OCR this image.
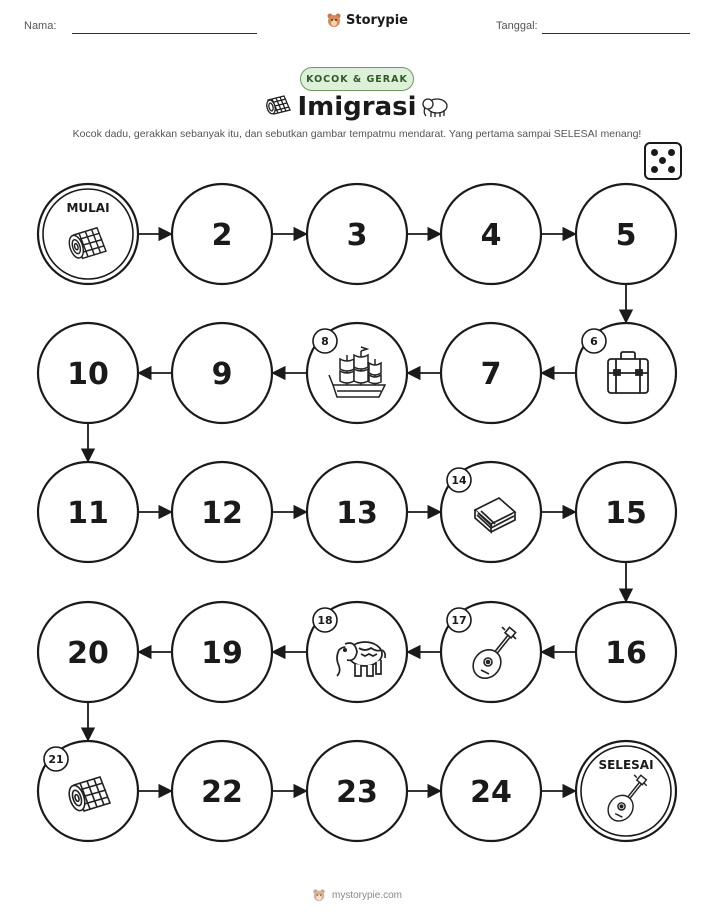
Nama:	Storypie	Tanggal:
KOCOK & GERAK
Imigrasi
Kocok dadu, gerakkan sebanyak itu, dan sebutkan gambar tempatmu mendarat. Yang pertama sampai SELESAI menang!
MULAI
2	3	4	5
6
7
8
9
10
11	12	13
14
15
16
17
18
19
20
21
22	23	24
SELESAI
mystorypie.com
